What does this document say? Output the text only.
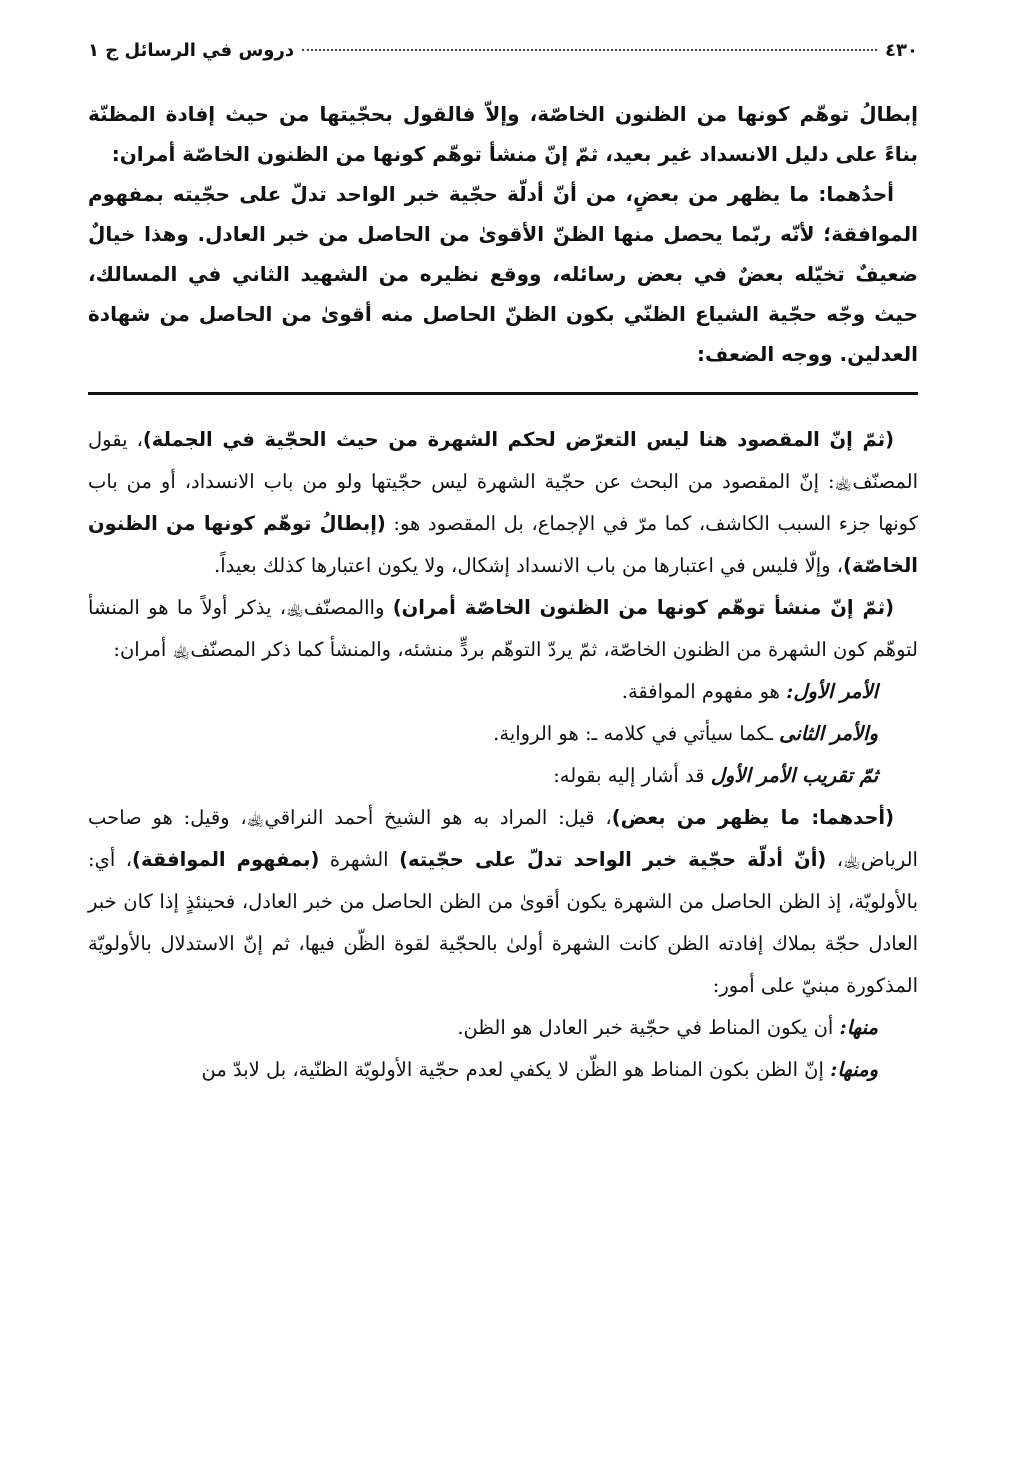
٤٣٠
دروس في الرسائل ج ١

إبطالُ توهّم كونها من الظنون الخاصّة، وإلاّ فالقول بحجّيتها من حيث إفادة المظنّة بناءً على دليل الانسداد غير بعيد، ثمّ إنّ منشأ توهّم كونها من الظنون الخاصّة أمران:

أحدُهما: ما يظهر من بعضٍ، من أنّ أدلّة حجّية خبر الواحد تدلّ على حجّيته بمفهوم الموافقة؛ لأنّه ربّما يحصل منها الظنّ الأقوىٰ من الحاصل من خبر العادل. وهذا خيالٌ ضعيفٌ تخيّله بعضٌ في بعض رسائله، ووقع نظيره من الشهيد الثاني في المسالك، حيث وجّه حجّية الشياع الظنّي بكون الظنّ الحاصل منه أقوىٰ من الحاصل من شهادة العدلين. ووجه الضعف:

(ثمّ إنّ المقصود هنا ليس التعرّض لحكم الشهرة من حيث الحجّية في الجملة)، يقول المصنّف﵀: إنّ المقصود من البحث عن حجّية الشهرة ليس حجّيتها ولو من باب الانسداد، أو من باب كونها جزء السبب الكاشف، كما مرّ في الإجماع، بل المقصود هو: (إبطالُ توهّم كونها من الظنون الخاصّة)، وإلّا فليس في اعتبارها من باب الانسداد إشكال، ولا يكون اعتبارها كذلك بعيداً.

(ثمّ إنّ منشأ توهّم كونها من الظنون الخاصّة أمران) واالمصنّف﵀، يذكر أولاً ما هو المنشأ لتوهّم كون الشهرة من الظنون الخاصّة، ثمّ يردّ التوهّم بردٍّ منشئه، والمنشأ كما ذكر المصنّف﵀ أمران:

الأمر الأول: هو مفهوم الموافقة.

والأمر الثانى ـكما سيأتي في كلامه ـ: هو الرواية.

ثمّ تقريب الأمر الأول قد أشار إليه بقوله:

(أحدهما: ما يظهر من بعض)، قيل: المراد به هو الشيخ أحمد النراقي﵀، وقيل: هو صاحب الرياض﵀، (أنّ أدلّة حجّية خبر الواحد تدلّ على حجّيته) الشهرة (بمفهوم الموافقة)، أي: بالأولويّة، إذ الظن الحاصل من الشهرة يكون أقوىٰ من الظن الحاصل من خبر العادل، فحينئذٍ إذا كان خبر العادل حجّة بملاك إفادته الظن كانت الشهرة أولىٰ بالحجّية لقوة الظّن فيها، ثم إنّ الاستدلال بالأولويّة المذكورة مبنيّ على أمور:

منها: أن يكون المناط في حجّية خبر العادل هو الظن.

ومنها: إنّ الظن بكون المناط هو الظّن لا يكفي لعدم حجّية الأولويّة الظنّية، بل لابدّ من
